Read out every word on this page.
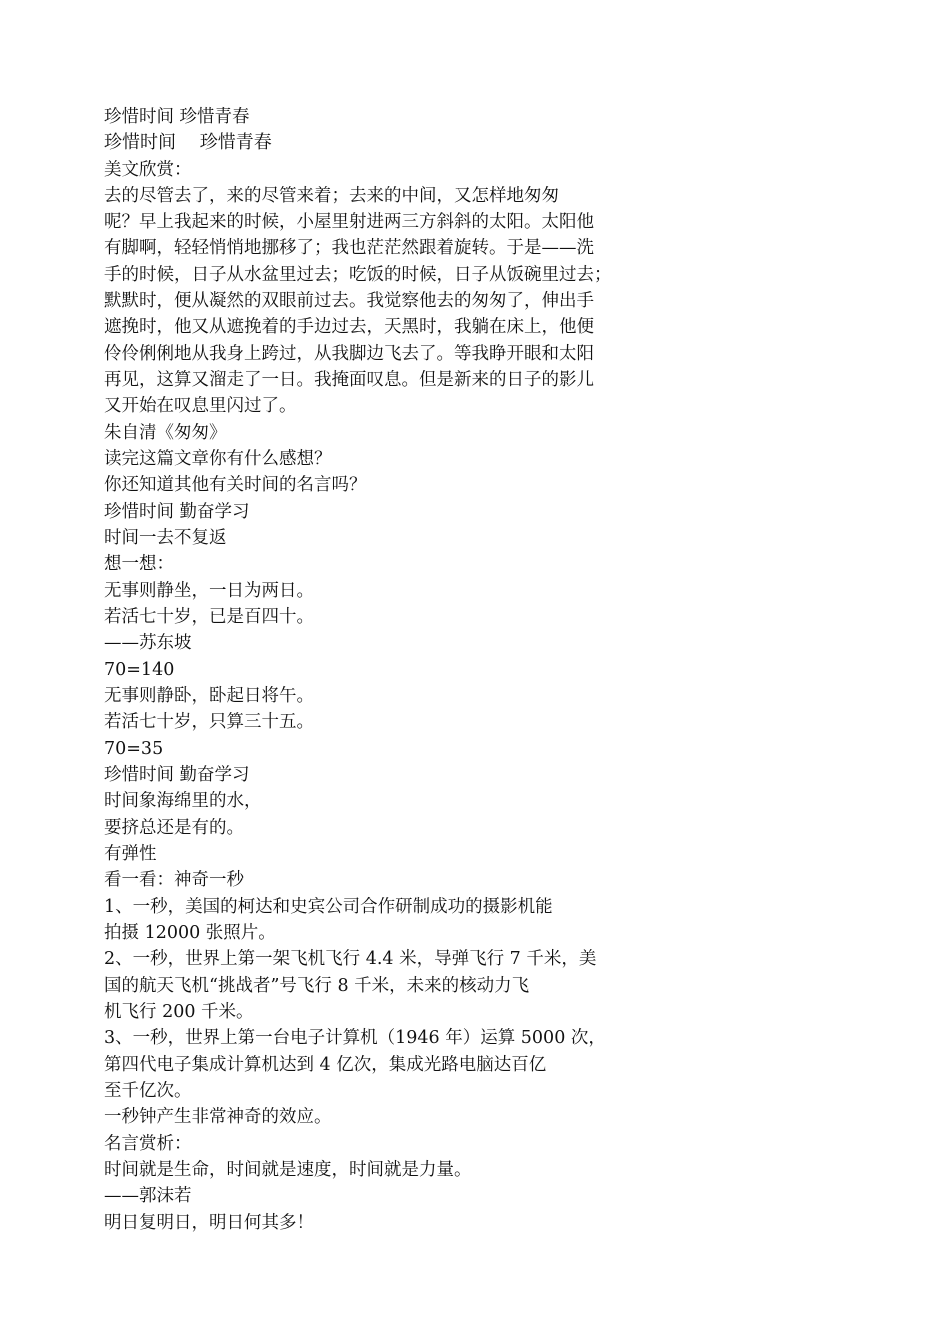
珍惜时间 珍惜青春

珍惜时间　 珍惜青春

美文欣赏：

去的尽管去了，来的尽管来着；去来的中间，又怎样地匆匆

呢？早上我起来的时候，小屋里射进两三方斜斜的太阳。太阳他

有脚啊，轻轻悄悄地挪移了；我也茫茫然跟着旋转。于是——洗

手的时候，日子从水盆里过去；吃饭的时候，日子从饭碗里过去；

默默时，便从凝然的双眼前过去。我觉察他去的匆匆了，伸出手

遮挽时，他又从遮挽着的手边过去，天黑时，我躺在床上，他便

伶伶俐俐地从我身上跨过，从我脚边飞去了。等我睁开眼和太阳

再见，这算又溜走了一日。我掩面叹息。但是新来的日子的影儿

又开始在叹息里闪过了。

朱自清《匆匆》

读完这篇文章你有什么感想？

你还知道其他有关时间的名言吗？

珍惜时间 勤奋学习

时间一去不复返

想一想：

无事则静坐，一日为两日。

若活七十岁，已是百四十。

——苏东坡

70=140

无事则静卧，卧起日将午。

若活七十岁，只算三十五。

70=35

珍惜时间 勤奋学习

时间象海绵里的水，

要挤总还是有的。

有弹性

看一看：神奇一秒

1、一秒，美国的柯达和史宾公司合作研制成功的摄影机能

拍摄 12000 张照片。

2、一秒，世界上第一架飞机飞行 4.4 米，导弹飞行 7 千米，美

国的航天飞机“挑战者”号飞行 8 千米，未来的核动力飞

机飞行 200 千米。

3、一秒，世界上第一台电子计算机（1946 年）运算 5000 次，

第四代电子集成计算机达到 4 亿次，集成光路电脑达百亿

至千亿次。

一秒钟产生非常神奇的效应。

名言赏析：

时间就是生命，时间就是速度，时间就是力量。

——郭沫若

明日复明日，明日何其多！
